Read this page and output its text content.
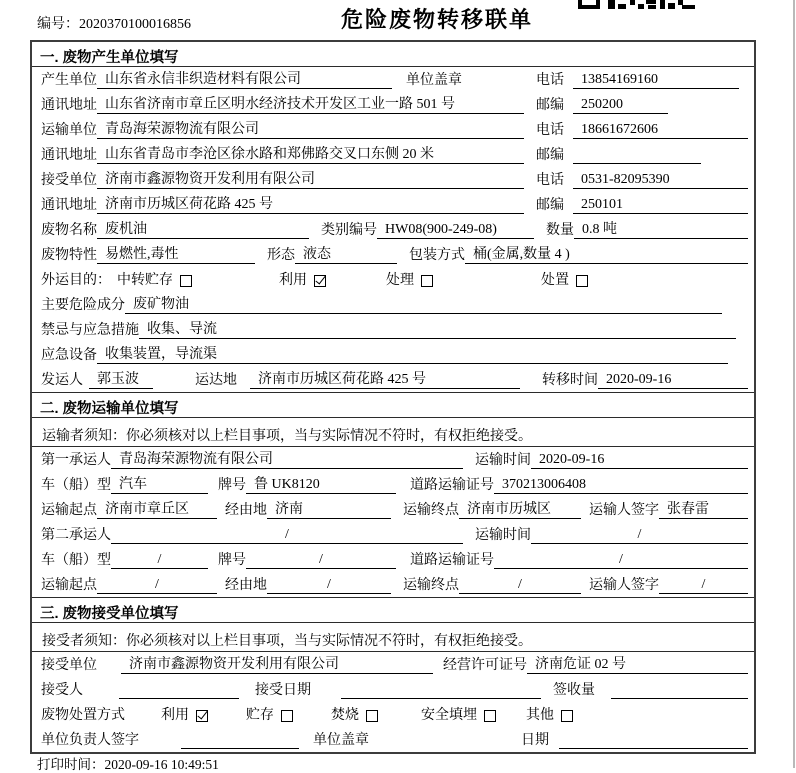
编号：2020370100016856	危险废物转移联单
一. 废物产生单位填写
产生单位 山东省永信非织造材料有限公司	单位盖章	电话	13854169160
通讯地址 山东省济南市章丘区明水经济技术开发区工业一路 501 号	邮编	250200
运输单位 青岛海荣源物流有限公司	电话	18661672606
通讯地址 山东省青岛市李沧区徐水路和郑佛路交叉口东侧 20 米	邮编
接受单位 济南市鑫源物资开发利用有限公司	电话	0531-82095390
通讯地址 济南市历城区荷花路 425 号	邮编	250101
废物名称 废机油	类别编号 HW08(900-249-08)	数量 0.8 吨
废物特性 易燃性,毒性	形态 液态	包装方式 桶(金属,数量 4 )
外运目的： 中转贮存	利用	处理	处置
主要危险成分 废矿物油
禁忌与应急措施 收集、导流
应急设备 收集装置，导流渠
发运人	郭玉波	运达地	济南市历城区荷花路 425 号	转移时间 2020-09-16
二. 废物运输单位填写
运输者须知：你必须核对以上栏目事项，当与实际情况不符时，有权拒绝接受。
第一承运人 青岛海荣源物流有限公司	运输时间 2020-09-16
车（船）型 汽车	牌号 鲁 UK8120	道路运输证号 370213006408
运输起点 济南市章丘区	经由地 济南	运输终点 济南市历城区	运输人签字 张春雷
第二承运人	/	运输时间	/
车（船）型	/	牌号	/	道路运输证号	/
运输起点	/	经由地	/	运输终点	/	运输人签字	/
三. 废物接受单位填写
接受者须知：你必须核对以上栏目事项，当与实际情况不符时，有权拒绝接受。
接受单位	济南市鑫源物资开发利用有限公司	经营许可证号 济南危证 02 号
接受人	接受日期	签收量
废物处置方式	利用	贮存	焚烧	安全填埋	其他
单位负责人签字	单位盖章	日期
打印时间：2020-09-16 10:49:51
